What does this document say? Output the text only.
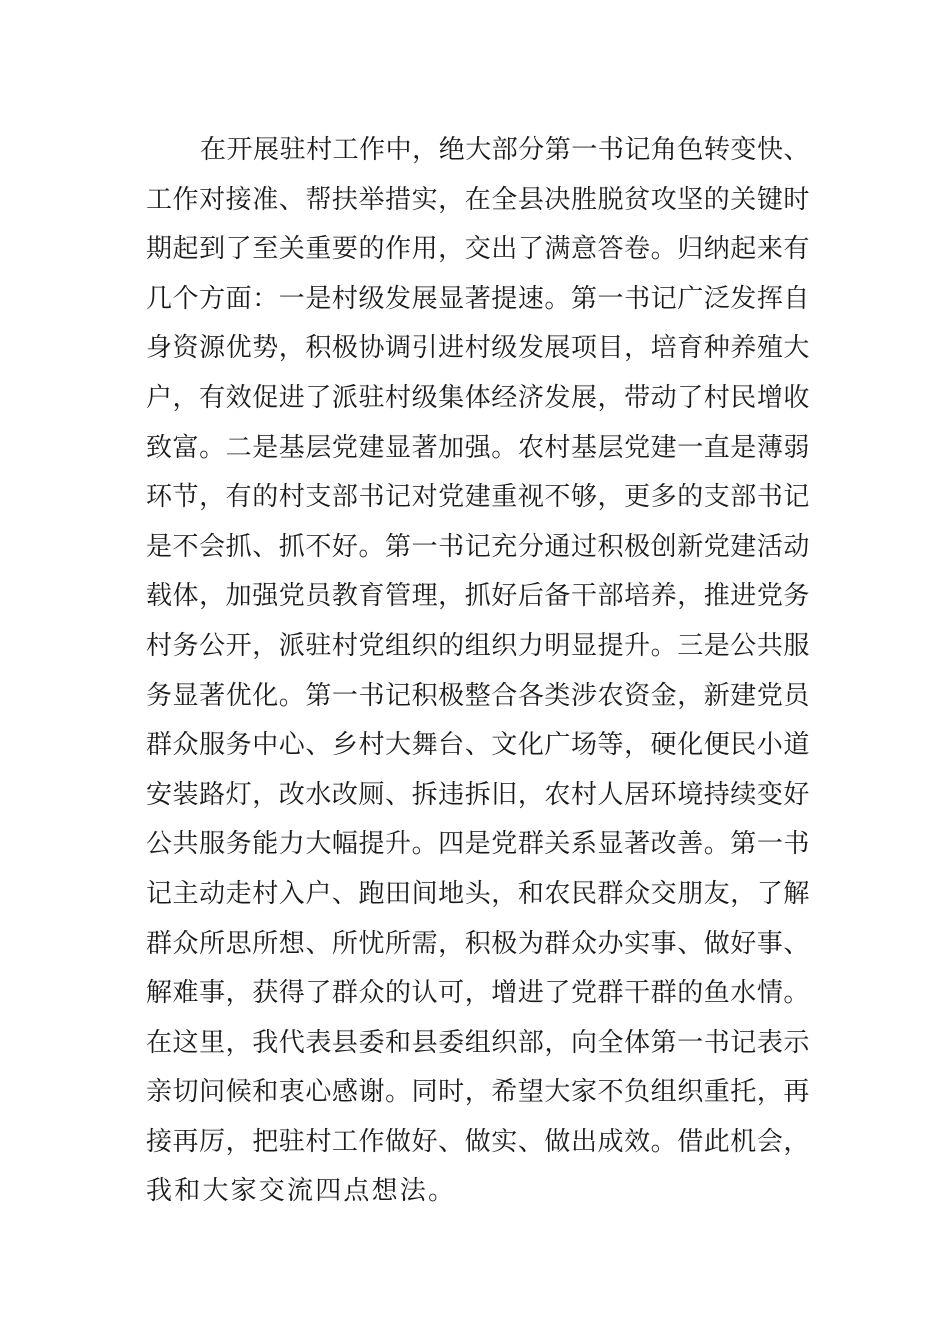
在开展驻村工作中，绝大部分第一书记角色转变快、
工作对接准、帮扶举措实，在全县决胜脱贫攻坚的关键时
期起到了至关重要的作用，交出了满意答卷。归纳起来有
几个方面：一是村级发展显著提速。第一书记广泛发挥自
身资源优势，积极协调引进村级发展项目，培育种养殖大
户，有效促进了派驻村级集体经济发展，带动了村民增收
致富。二是基层党建显著加强。农村基层党建一直是薄弱
环节，有的村支部书记对党建重视不够，更多的支部书记
是不会抓、抓不好。第一书记充分通过积极创新党建活动
载体，加强党员教育管理，抓好后备干部培养，推进党务
村务公开，派驻村党组织的组织力明显提升。三是公共服
务显著优化。第一书记积极整合各类涉农资金，新建党员
群众服务中心、乡村大舞台、文化广场等，硬化便民小道
安装路灯，改水改厕、拆违拆旧，农村人居环境持续变好
公共服务能力大幅提升。四是党群关系显著改善。第一书
记主动走村入户、跑田间地头，和农民群众交朋友，了解
群众所思所想、所忧所需，积极为群众办实事、做好事、
解难事，获得了群众的认可，增进了党群干群的鱼水情。
在这里，我代表县委和县委组织部，向全体第一书记表示
亲切问候和衷心感谢。同时，希望大家不负组织重托，再
接再厉，把驻村工作做好、做实、做出成效。借此机会，
我和大家交流四点想法。
